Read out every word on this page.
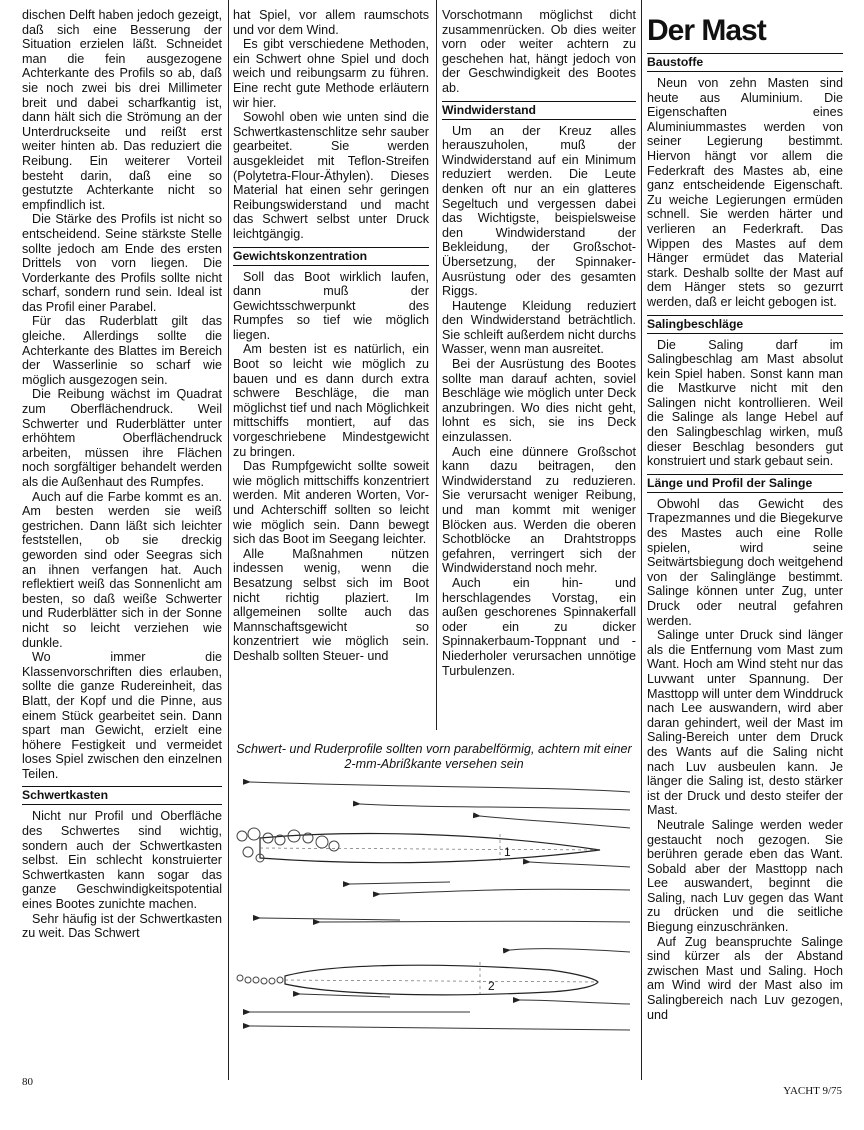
dischen Delft haben jedoch gezeigt, daß sich eine Besserung der Situation erzielen läßt. Schneidet man die fein ausgezogene Achterkante des Profils so ab, daß sie noch zwei bis drei Millimeter breit und dabei scharfkantig ist, dann hält sich die Strömung an der Unterdruckseite und reißt erst weiter hinten ab. Das reduziert die Reibung. Ein weiterer Vorteil besteht darin, daß eine so gestutzte Achterkante nicht so empfindlich ist.

Die Stärke des Profils ist nicht so entscheidend. Seine stärkste Stelle sollte jedoch am Ende des ersten Drittels von vorn liegen. Die Vorderkante des Profils sollte nicht scharf, sondern rund sein. Ideal ist das Profil einer Parabel.

Für das Ruderblatt gilt das gleiche. Allerdings sollte die Achterkante des Blattes im Bereich der Wasserlinie so scharf wie möglich ausgezogen sein.

Die Reibung wächst im Quadrat zum Oberflächendruck. Weil Schwerter und Ruderblätter unter erhöhtem Oberflächendruck arbeiten, müssen ihre Flächen noch sorgfältiger behandelt werden als die Außenhaut des Rumpfes.

Auch auf die Farbe kommt es an. Am besten werden sie weiß gestrichen. Dann läßt sich leichter feststellen, ob sie dreckig geworden sind oder Seegras sich an ihnen verfangen hat. Auch reflektiert weiß das Sonnenlicht am besten, so daß weiße Schwerter und Ruderblätter sich in der Sonne nicht so leicht verziehen wie dunkle.

Wo immer die Klassenvorschriften dies erlauben, sollte die ganze Rudereinheit, das Blatt, der Kopf und die Pinne, aus einem Stück gearbeitet sein. Dann spart man Gewicht, erzielt eine höhere Festigkeit und vermeidet loses Spiel zwischen den einzelnen Teilen.

Schwertkasten

Nicht nur Profil und Oberfläche des Schwertes sind wichtig, sondern auch der Schwertkasten selbst. Ein schlecht konstruierter Schwertkasten kann sogar das ganze Geschwindigkeitspotential eines Bootes zunichte machen.

Sehr häufig ist der Schwertkasten zu weit. Das Schwert

hat Spiel, vor allem raumschots und vor dem Wind.

Es gibt verschiedene Methoden, ein Schwert ohne Spiel und doch weich und reibungsarm zu führen. Eine recht gute Methode erläutern wir hier.

Sowohl oben wie unten sind die Schwertkastenschlitze sehr sauber gearbeitet. Sie werden ausgekleidet mit Teflon-Streifen (Polytetra-Flour-Äthylen). Dieses Material hat einen sehr geringen Reibungswiderstand und macht das Schwert selbst unter Druck leichtgängig.

Gewichtskonzentration

Soll das Boot wirklich laufen, dann muß der Gewichtsschwerpunkt des Rumpfes so tief wie möglich liegen.

Am besten ist es natürlich, ein Boot so leicht wie möglich zu bauen und es dann durch extra schwere Beschläge, die man möglichst tief und nach Möglichkeit mittschiffs montiert, auf das vorgeschriebene Mindestgewicht zu bringen.

Das Rumpfgewicht sollte soweit wie möglich mittschiffs konzentriert werden. Mit anderen Worten, Vor- und Achterschiff sollten so leicht wie möglich sein. Dann bewegt sich das Boot im Seegang leichter.

Alle Maßnahmen nützen indessen wenig, wenn die Besatzung selbst sich im Boot nicht richtig plaziert. Im allgemeinen sollte auch das Mannschaftsgewicht so konzentriert wie möglich sein. Deshalb sollten Steuer- und

Vorschotmann möglichst dicht zusammenrücken. Ob dies weiter vorn oder weiter achtern zu geschehen hat, hängt jedoch von der Geschwindigkeit des Bootes ab.

Windwiderstand

Um an der Kreuz alles herauszuholen, muß der Windwiderstand auf ein Minimum reduziert werden. Die Leute denken oft nur an ein glatteres Segeltuch und vergessen dabei das Wichtigste, beispielsweise den Windwiderstand der Bekleidung, der Großschot-Übersetzung, der Spinnaker-Ausrüstung oder des gesamten Riggs.

Hautenge Kleidung reduziert den Windwiderstand beträchtlich. Sie schleift außerdem nicht durchs Wasser, wenn man ausreitet.

Bei der Ausrüstung des Bootes sollte man darauf achten, soviel Beschläge wie möglich unter Deck anzubringen. Wo dies nicht geht, lohnt es sich, sie ins Deck einzulassen.

Auch eine dünnere Großschot kann dazu beitragen, den Windwiderstand zu reduzieren. Sie verursacht weniger Reibung, und man kommt mit weniger Blöcken aus. Werden die oberen Schotblöcke an Drahtstropps gefahren, verringert sich der Windwiderstand noch mehr.

Auch ein hin- und herschlagendes Vorstag, ein außen geschorenes Spinnakerfall oder ein zu dicker Spinnakerbaum-Toppnant und -Niederholer verursachen unnötige Turbulenzen.

Der Mast
Baustoffe

Neun von zehn Masten sind heute aus Aluminium. Die Eigenschaften eines Aluminiummastes werden von seiner Legierung bestimmt. Hiervon hängt vor allem die Federkraft des Mastes ab, eine ganz entscheidende Eigenschaft. Zu weiche Legierungen ermüden schnell. Sie werden härter und verlieren an Federkraft. Das Wippen des Mastes auf dem Hänger ermüdet das Material stark. Deshalb sollte der Mast auf dem Hänger stets so gezurrt werden, daß er leicht gebogen ist.

Salingbeschläge

Die Saling darf im Salingbeschlag am Mast absolut kein Spiel haben. Sonst kann man die Mastkurve nicht mit den Salingen nicht kontrollieren. Weil die Salinge als lange Hebel auf den Salingbeschlag wirken, muß dieser Beschlag besonders gut konstruiert und stark gebaut sein.

Länge und Profil der Salinge

Obwohl das Gewicht des Trapezmannes und die Biegekurve des Mastes auch eine Rolle spielen, wird seine Seitwärtsbiegung doch weitgehend von der Salinglänge bestimmt. Salinge können unter Zug, unter Druck oder neutral gefahren werden.

Salinge unter Druck sind länger als die Entfernung vom Mast zum Want. Hoch am Wind steht nur das Luvwant unter Spannung. Der Masttopp will unter dem Winddruck nach Lee auswandern, wird aber daran gehindert, weil der Mast im Saling-Bereich unter dem Druck des Wants auf die Saling nicht nach Luv ausbeulen kann. Je länger die Saling ist, desto stärker ist der Druck und desto steifer der Mast.

Neutrale Salinge werden weder gestaucht noch gezogen. Sie berühren gerade eben das Want. Sobald aber der Masttopp nach Lee auswandert, beginnt die Saling, nach Luv gegen das Want zu drücken und die seitliche Biegung einzuschränken.

Auf Zug beanspruchte Salinge sind kürzer als der Abstand zwischen Mast und Saling. Hoch am Wind wird der Mast also im Salingbereich nach Luv gezogen, und

Schwert- und Ruderprofile sollten vorn parabelförmig, achtern mit einer 2-mm-Abrißkante versehen sein
1
2
80
YACHT 9/75
